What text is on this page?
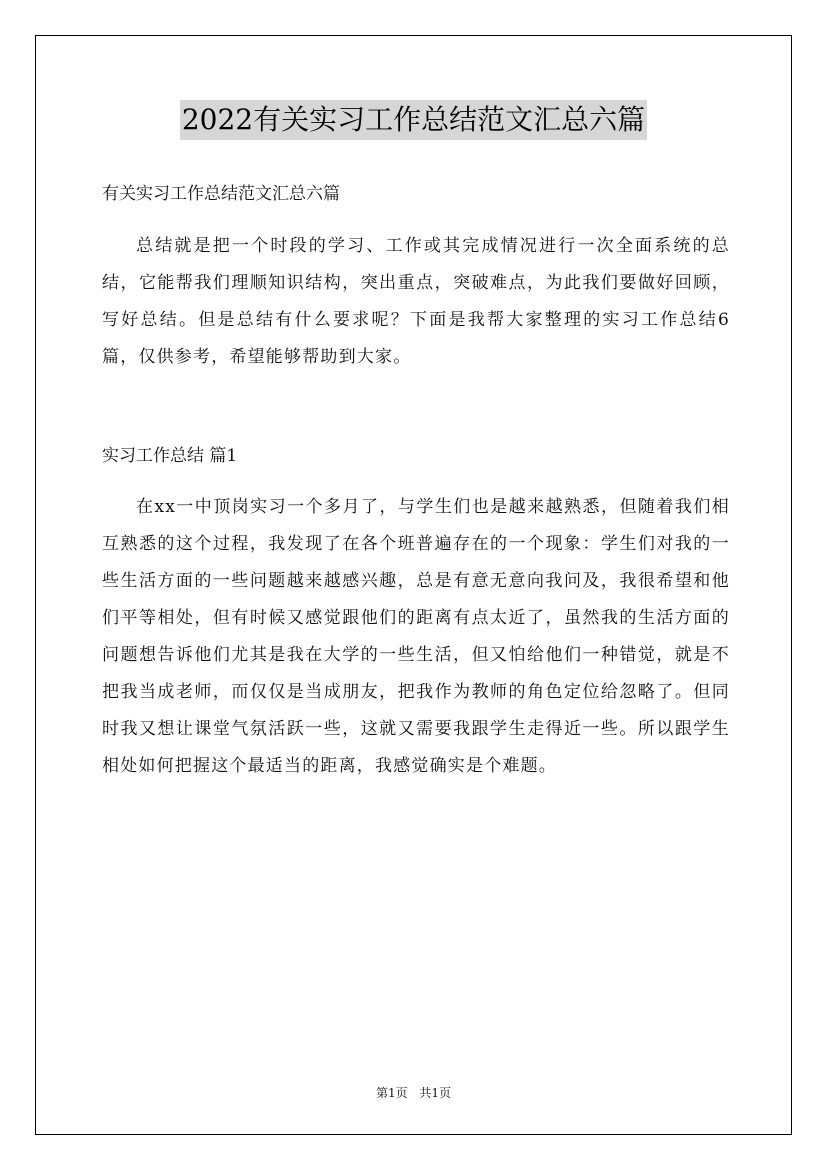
2022有关实习工作总结范文汇总六篇

有关实习工作总结范文汇总六篇

总结就是把一个时段的学习、工作或其完成情况进行一次全面系统的总结，它能帮我们理顺知识结构，突出重点，突破难点，为此我们要做好回顾，写好总结。但是总结有什么要求呢？下面是我帮大家整理的实习工作总结6篇，仅供参考，希望能够帮助到大家。

实习工作总结 篇1

在xx一中顶岗实习一个多月了，与学生们也是越来越熟悉，但随着我们相互熟悉的这个过程，我发现了在各个班普遍存在的一个现象：学生们对我的一些生活方面的一些问题越来越感兴趣，总是有意无意向我问及，我很希望和他们平等相处，但有时候又感觉跟他们的距离有点太近了，虽然我的生活方面的问题想告诉他们尤其是我在大学的一些生活，但又怕给他们一种错觉，就是不把我当成老师，而仅仅是当成朋友，把我作为教师的角色定位给忽略了。但同时我又想让课堂气氛活跃一些，这就又需要我跟学生走得近一些。所以跟学生相处如何把握这个最适当的距离，我感觉确实是个难题。

第1页 共1页
